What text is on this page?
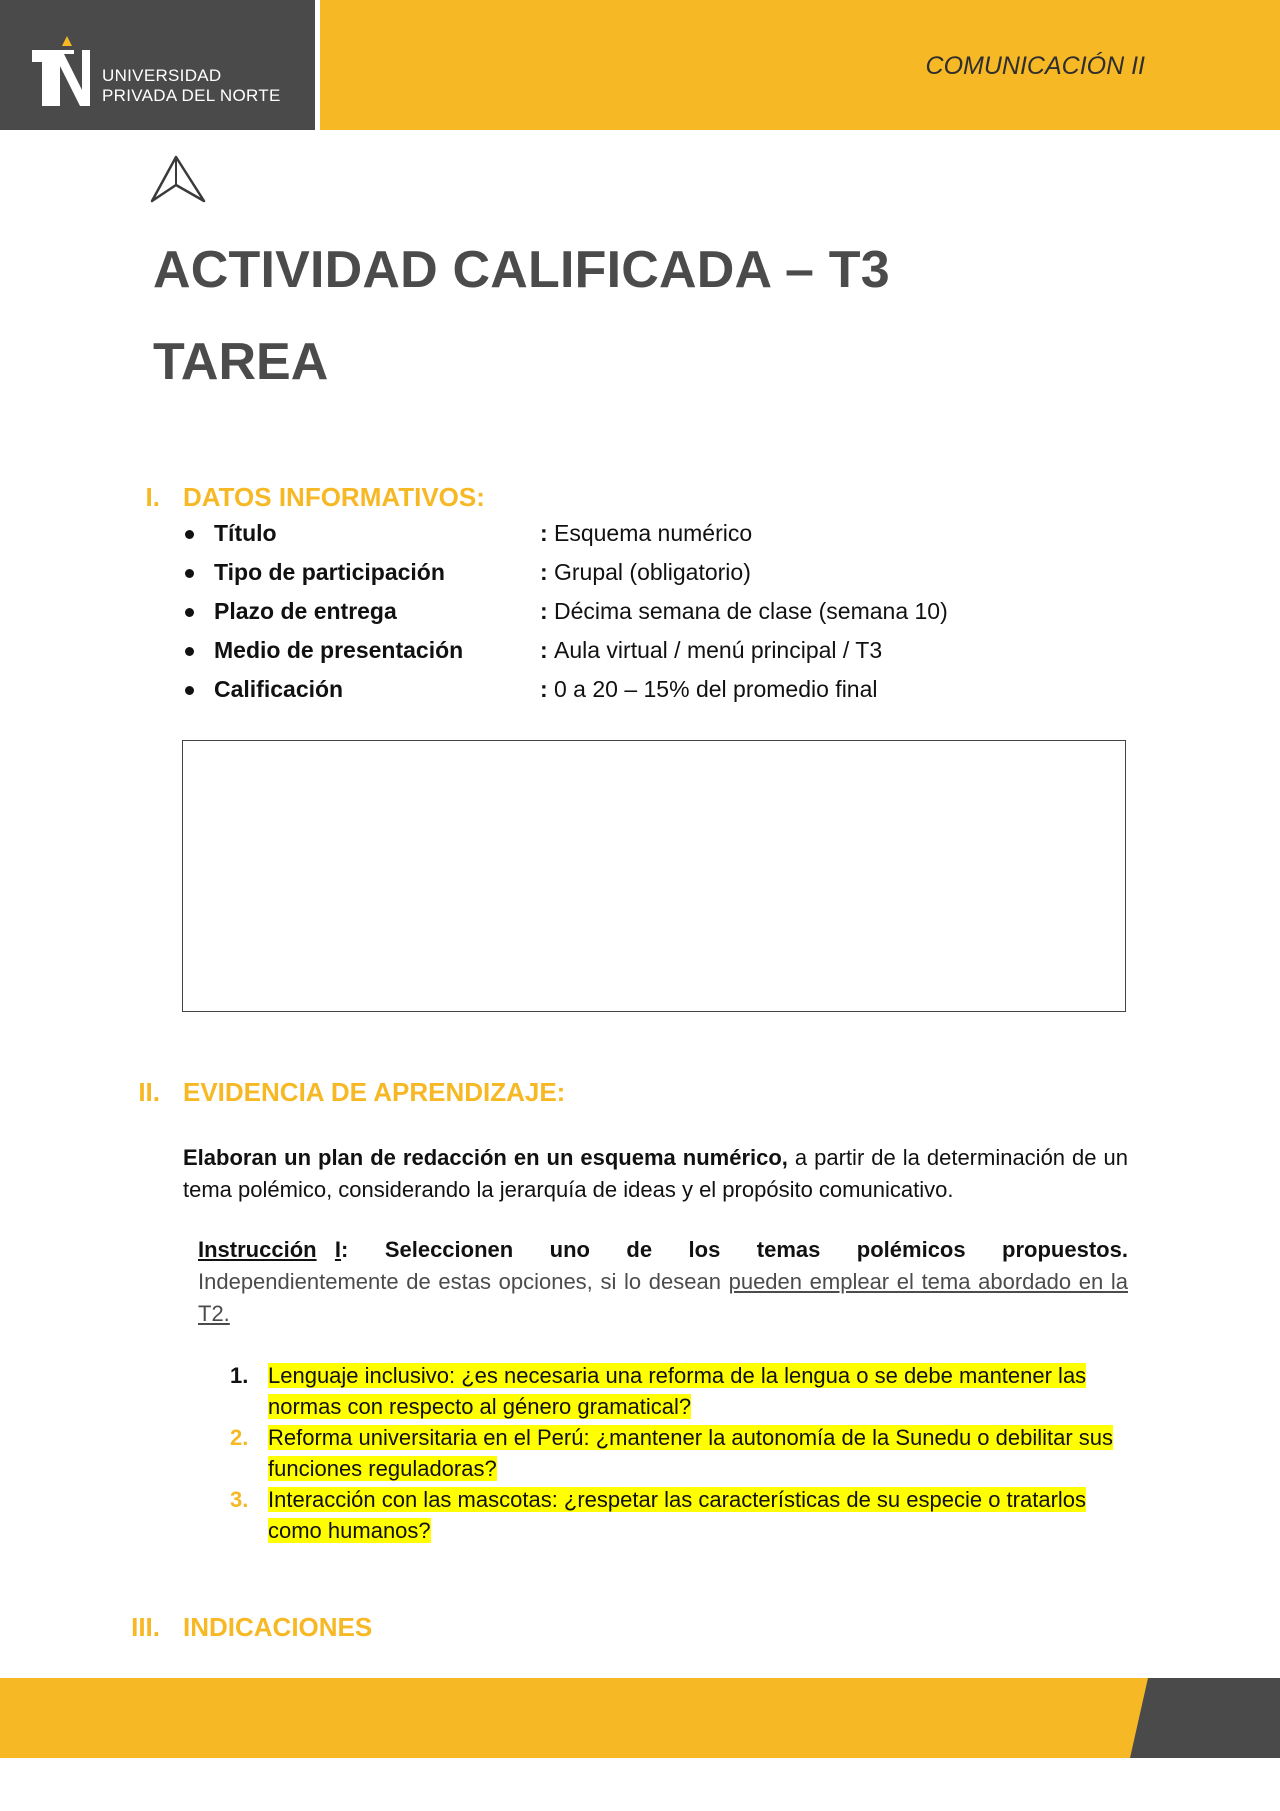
UNIVERSIDAD
PRIVADA DEL NORTE
COMUNICACIÓN II
ACTIVIDAD CALIFICADA – T3
TAREA
I. DATOS INFORMATIVOS:
Título	: Esquema numérico
Tipo de participación	: Grupal (obligatorio)
Plazo de entrega	: Décima semana de clase (semana 10)
Medio de presentación	: Aula virtual / menú principal / T3
Calificación	: 0 a 20 – 15% del promedio final
II. EVIDENCIA DE APRENDIZAJE:
Elaboran un plan de redacción en un esquema numérico, a partir de la determinación de un tema polémico, considerando la jerarquía de ideas y el propósito comunicativo.
Instrucción I: Seleccionen uno de los temas polémicos propuestos.
Independientemente de estas opciones, si lo desean pueden emplear el tema abordado en la T2.
1. Lenguaje inclusivo: ¿es necesaria una reforma de la lengua o se debe mantener las normas con respecto al género gramatical?
2. Reforma universitaria en el Perú: ¿mantener la autonomía de la Sunedu o debilitar sus funciones reguladoras?
3. Interacción con las mascotas: ¿respetar las características de su especie o tratarlos como humanos?
III. INDICACIONES
